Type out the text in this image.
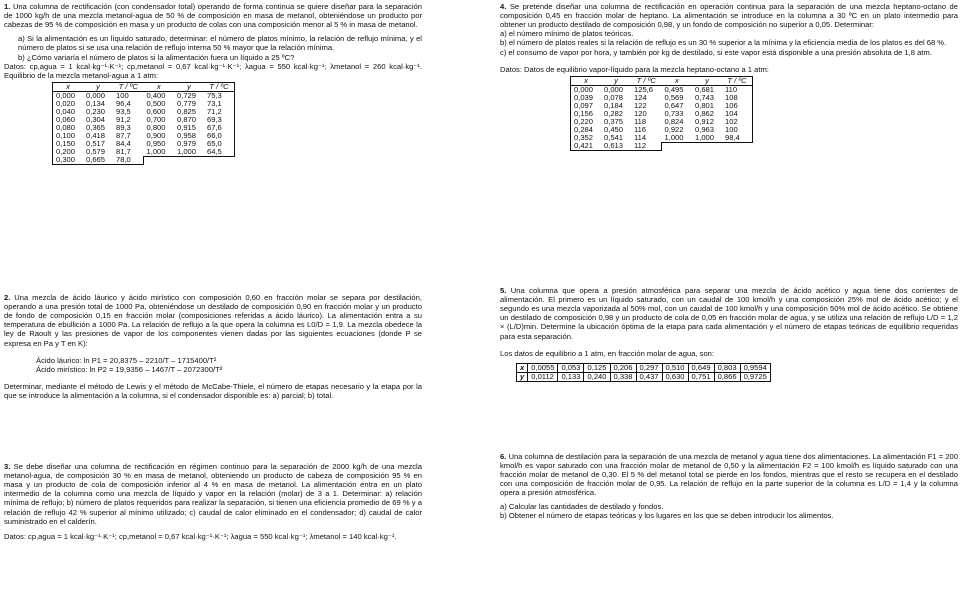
1. Una columna de rectificación (con condensador total) operando de forma continua se quiere diseñar para la separación de 1000 kg/h de una mezcla metanol-agua de 50 % de composición en masa de metanol, obteniéndose un producto por cabezas de 95 % de composición en masa y un producto de colas con una composición menor al 5 % in masa de metanol.

a) Si la alimentación es un líquido saturado, determinar: el número de platos mínimo, la relación de reflujo mínima, y el número de platos si se usa una relación de reflujo interna 50 % mayor que la relación mínima.

b) ¿Cómo variaría el número de platos si la alimentación fuera un líquido a 25 ºC?

Datos: cp,agua = 1 kcal·kg⁻¹·K⁻¹; cp,metanol = 0,67 kcal·kg⁻¹·K⁻¹; λagua = 550 kcal·kg⁻¹; λmetanol = 260 kcal·kg⁻¹. Equilibrio de la mezcla metanol-agua a 1 atm:

x	y	T / ºC	x	y	T / ºC
0,000	0,000	100	0,400	0,729	75,3
0,020	0,134	96,4	0,500	0,779	73,1
0,040	0,230	93,5	0,600	0,825	71,2
0,060	0,304	91,2	0,700	0,870	69,3
0,080	0,365	89,3	0,800	0,915	67,6
0,100	0,418	87,7	0,900	0,958	66,0
0,150	0,517	84,4	0,950	0,979	65,0
0,200	0,579	81,7	1,000	1,000	64,5
0,300	0,665	78,0			

2. Una mezcla de ácido láurico y ácido mirístico con composición 0,60 en fracción molar se separa por destilación, operando a una presión total de 1000 Pa, obteniéndose un destilado de composición 0,90 en fracción molar y un producto de fondo de composición 0,15 en fracción molar (composiciones referidas a ácido láurico). La alimentación entra a su temperatura de ebullición a 1000 Pa. La relación de reflujo a la que opera la columna es L0/D = 1,9. La mezcla obedece la ley de Raoult y las presiones de vapor de los componentes vienen dadas por las siguientes ecuaciones (donde P se expresa en Pa y T en K):

Ácido láurico: ln P1 = 20,8375 – 2210/T – 1715400/T²

Ácido mirístico: ln P2 = 19,9356 – 1467/T – 2072300/T²

Determinar, mediante el método de Lewis y el método de McCabe-Thiele, el número de etapas necesario y la etapa por la que se introduce la alimentación a la columna, si el condensador disponible es: a) parcial; b) total.

3. Se debe diseñar una columna de rectificación en régimen continuo para la separación de 2000 kg/h de una mezcla metanol-agua, de composición 30 % en masa de metanol, obteniendo un producto de cabeza de composición 95 % en masa y un producto de cola de composición inferior al 4 % en masa de metanol. La alimentación entra en un plato intermedio de la columna como una mezcla de líquido y vapor en la relación (molar) de 3 a 1. Determinar: a) relación mínima de reflujo; b) número de platos requeridos para realizar la separación, si tienen una eficiencia promedio de 69 % y a relación de reflujo 42 % superior al mínimo utilizado; c) caudal de calor eliminado en el condensador; d) caudal de calor suministrado en el calderín.

Datos: cp,agua = 1 kcal·kg⁻¹·K⁻¹; cp,metanol = 0,67 kcal·kg⁻¹·K⁻¹; λagua = 550 kcal·kg⁻¹; λmetanol = 140 kcal·kg⁻¹.

4. Se pretende diseñar una columna de rectificación en operación continua para la separación de una mezcla heptano-octano de composición 0,45 en fracción molar de heptano. La alimentación se introduce en la columna a 30 ºC en un plato intermedio para obtener un producto destilado de composición 0,98, y un fondo de composición no superior a 0,05. Determinar:

a) el número mínimo de platos teóricos.

b) el número de platos reales si la relación de reflujo es un 30 % superior a la mínima y la eficiencia media de los platos es del 68 %.

c) el consumo de vapor por hora, y también por kg de destilado, si este vapor está disponible a una presión absoluta de 1,8 atm.

Datos: Datos de equilibrio vapor-líquido para la mezcla heptano-octano a 1 atm:

x	y	T / ºC	x	y	T / ºC
0,000	0,000	125,6	0,495	0,681	110
0,039	0,078	124	0,569	0,743	108
0,097	0,184	122	0,647	0,801	106
0,156	0,282	120	0,733	0,862	104
0,220	0,375	118	0,824	0,912	102
0,284	0,450	116	0,922	0,963	100
0,352	0,541	114	1,000	1,000	98,4
0,421	0,613	112			

5. Una columna que opera a presión atmosférica para separar una mezcla de ácido acético y agua tiene dos corrientes de alimentación. El primero es un líquido saturado, con un caudal de 100 kmol/h y una composición 25% mol de ácido acético; y el segundo es una mezcla vaporizada al 50% mol, con un caudal de 100 kmol/h y una composición 50% mol de ácido acético. Se obtiene un destilado de composición 0,98 y un producto de cola de 0,05 en fracción molar de agua, y se utiliza una relación de reflujo L/D = 1,2 × (L/D)min. Determine la ubicación óptima de la etapa para cada alimentación y el número de etapas teóricas de equilibrio requeridas para esta separación.

Los datos de equilibrio a 1 atm, en fracción molar de agua, son:

x	0,0055	0,053	0,125	0,206	0,297	0,510	0,649	0,803	0,9594
y	0,0112	0,133	0,240	0,338	0,437	0,630	0,751	0,866	0,9725

6. Una columna de destilación para la separación de una mezcla de metanol y agua tiene dos alimentaciones. La alimentación F1 = 200 kmol/h es vapor saturado con una fracción molar de metanol de 0,50 y la alimentación F2 = 100 kmol/h es líquido saturado con una fracción molar de metanol de 0,30. El 5 % del metanol total se pierde en los fondos, mientras que el resto se recupera en el destilado con una composición de fracción molar de 0,95. La relación de reflujo en la parte superior de la columna es L/D = 1,4 y la columna opera a presión atmosférica.

a) Calcular las cantidades de destilado y fondos.

b) Obtener el número de etapas teóricas y los lugares en los que se deben introducir los alimentos.
